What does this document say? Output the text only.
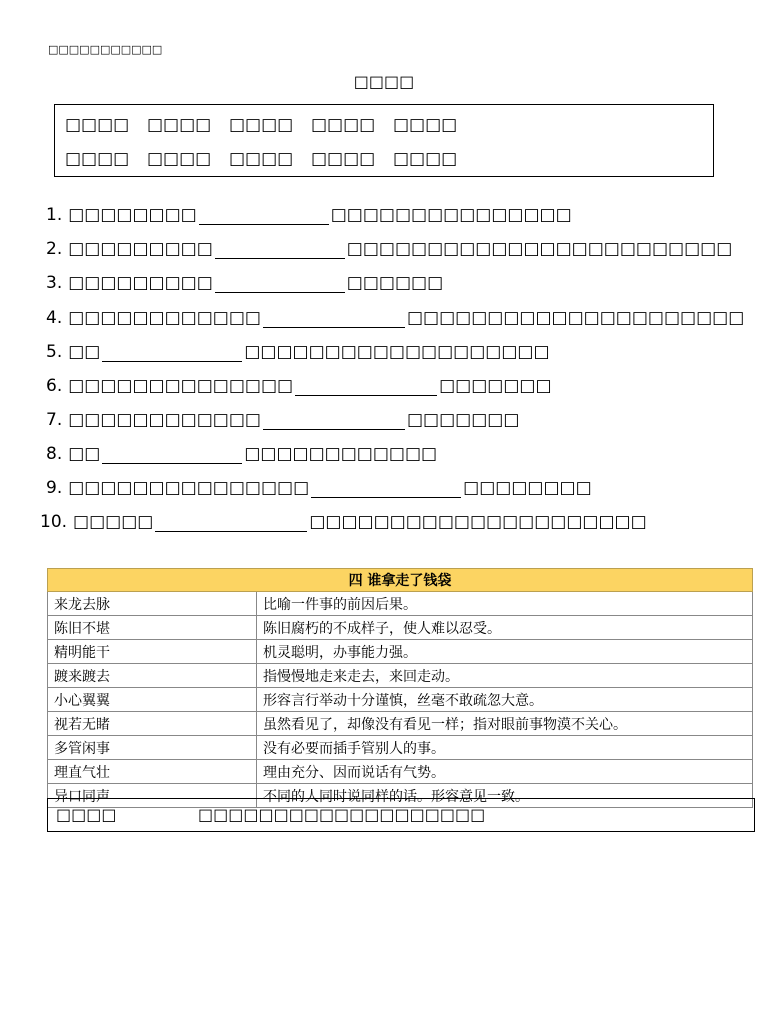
□□□□□□□□□□□
□□□□
□□□□	□□□□	□□□□	□□□□	□□□□
□□□□	□□□□	□□□□	□□□□	□□□□
1. □□□□□□□□	□□□□□□□□□□□□□□□
2. □□□□□□□□□	□□□□□□□□□□□□□□□□□□□□□□□□
3. □□□□□□□□□	□□□□□□
4. □□□□□□□□□□□□	□□□□□□□□□□□□□□□□□□□□□
5. □□	□□□□□□□□□□□□□□□□□□□
6. □□□□□□□□□□□□□□	□□□□□□□
7. □□□□□□□□□□□□	□□□□□□□
8. □□	□□□□□□□□□□□□
9. □□□□□□□□□□□□□□□	□□□□□□□□
10. □□□□□	□□□□□□□□□□□□□□□□□□□□□
四 谁拿走了钱袋	
来龙去脉	比喻一件事的前因后果。
陈旧不堪	陈旧腐朽的不成样子，使人难以忍受。
精明能干	机灵聪明，办事能力强。
踱来踱去	指慢慢地走来走去，来回走动。
小心翼翼	形容言行举动十分谨慎，丝毫不敢疏忽大意。
视若无睹	虽然看见了，却像没有看见一样；指对眼前事物漠不关心。
多管闲事	没有必要而插手管别人的事。
理直气壮	理由充分、因而说话有气势。
异口同声	不同的人同时说同样的话。形容意见一致。
□□□□	□□□□□□□□□□□□□□□□□□□
